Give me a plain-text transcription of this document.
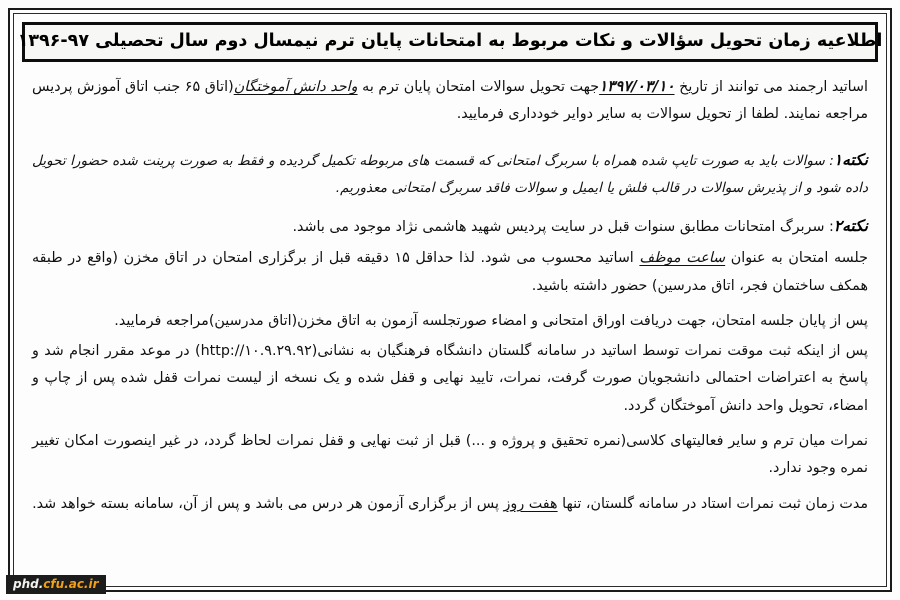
اطلاعیه زمان تحویل سؤالات و نکات مربوط به امتحانات پایان ترم نیمسال دوم سال تحصیلی ۹۷-۱۳۹۶

اساتید ارجمند می توانند از تاریخ ۱۳۹۷/۰۳/۱۰جهت تحویل سوالات امتحان پایان ترم به واحد دانش آموختگان(اتاق ۶۵ جنب اتاق آموزش پردیس مراجعه نمایند. لطفا از تحویل سوالات به سایر دوایر خودداری فرمایید.

نکته۱: سوالات باید به صورت تایپ شده همراه با سربرگ امتحانی که قسمت های مربوطه تکمیل گردیده و فقط به صورت پرینت شده حضورا تحویل داده شود و از پذیرش سوالات در قالب فلش یا ایمیل و سوالات فاقد سربرگ امتحانی معذوریم.

نکته۲: سربرگ امتحانات مطابق سنوات قبل در سایت پردیس شهید هاشمی نژاد موجود می باشد.

جلسه امتحان به عنوان ساعت موظف اساتید محسوب می شود. لذا حداقل ۱۵ دقیقه قبل از برگزاری امتحان در اتاق مخزن (واقع در طبقه همکف ساختمان فجر، اتاق مدرسین) حضور داشته باشید.

پس از پایان جلسه امتحان، جهت دریافت اوراق امتحانی و امضاء صورتجلسه آزمون به اتاق مخزن(اتاق مدرسین)مراجعه فرمایید.

پس از اینکه ثبت موقت نمرات توسط اساتید در سامانه گلستان دانشگاه فرهنگیان به نشانی(http://۱۰.۹.۲۹.۹۲) در موعد مقرر انجام شد و پاسخ به اعتراضات احتمالی دانشجویان صورت گرفت، نمرات، تایید نهایی و قفل شده و یک نسخه از لیست نمرات قفل شده پس از چاپ و امضاء، تحویل واحد دانش آموختگان گردد.

نمرات میان ترم و سایر فعالیتهای کلاسی(نمره تحقیق و پروژه و ...) قبل از ثبت نهایی و قفل نمرات لحاظ گردد، در غیر اینصورت امکان تغییر نمره وجود ندارد.

مدت زمان ثبت نمرات استاد در سامانه گلستان، تنها هفت روز پس از برگزاری آزمون هر درس می باشد و پس از آن، سامانه بسته خواهد شد.

phd.cfu.ac.ir
